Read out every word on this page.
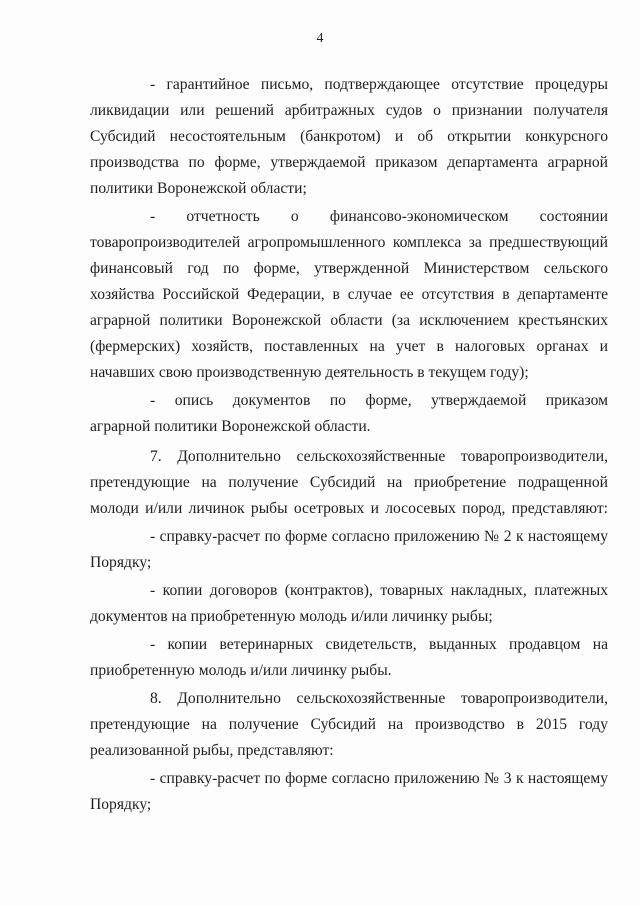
4
- гарантийное письмо, подтверждающее отсутствие процедуры
ликвидации или решений арбитражных судов о признании получателя
Субсидий несостоятельным (банкротом) и об открытии конкурсного
производства по форме, утверждаемой приказом департамента аграрной
политики Воронежской области;
- отчетность о финансово-экономическом состоянии
товаропроизводителей агропромышленного комплекса за предшествующий
финансовый год по форме, утвержденной Министерством сельского
хозяйства Российской Федерации, в случае ее отсутствия в департаменте
аграрной политики Воронежской области (за исключением крестьянских
(фермерских) хозяйств, поставленных на учет в налоговых органах и
начавших свою производственную деятельность в текущем году);
- опись документов по форме, утверждаемой приказом
аграрной политики Воронежской области.
7. Дополнительно сельскохозяйственные товаропроизводители,
претендующие на получение Субсидий на приобретение подращенной
молоди и/или личинок рыбы осетровых и лососевых пород, представляют:
- справку-расчет по форме согласно приложению № 2 к настоящему
Порядку;
- копии договоров (контрактов), товарных накладных, платежных
документов на приобретенную молодь и/или личинку рыбы;
- копии ветеринарных свидетельств, выданных продавцом на
приобретенную молодь и/или личинку рыбы.
8. Дополнительно сельскохозяйственные товаропроизводители,
претендующие на получение Субсидий на производство в 2015 году
реализованной рыбы, представляют:
- справку-расчет по форме согласно приложению № 3 к настоящему
Порядку;
